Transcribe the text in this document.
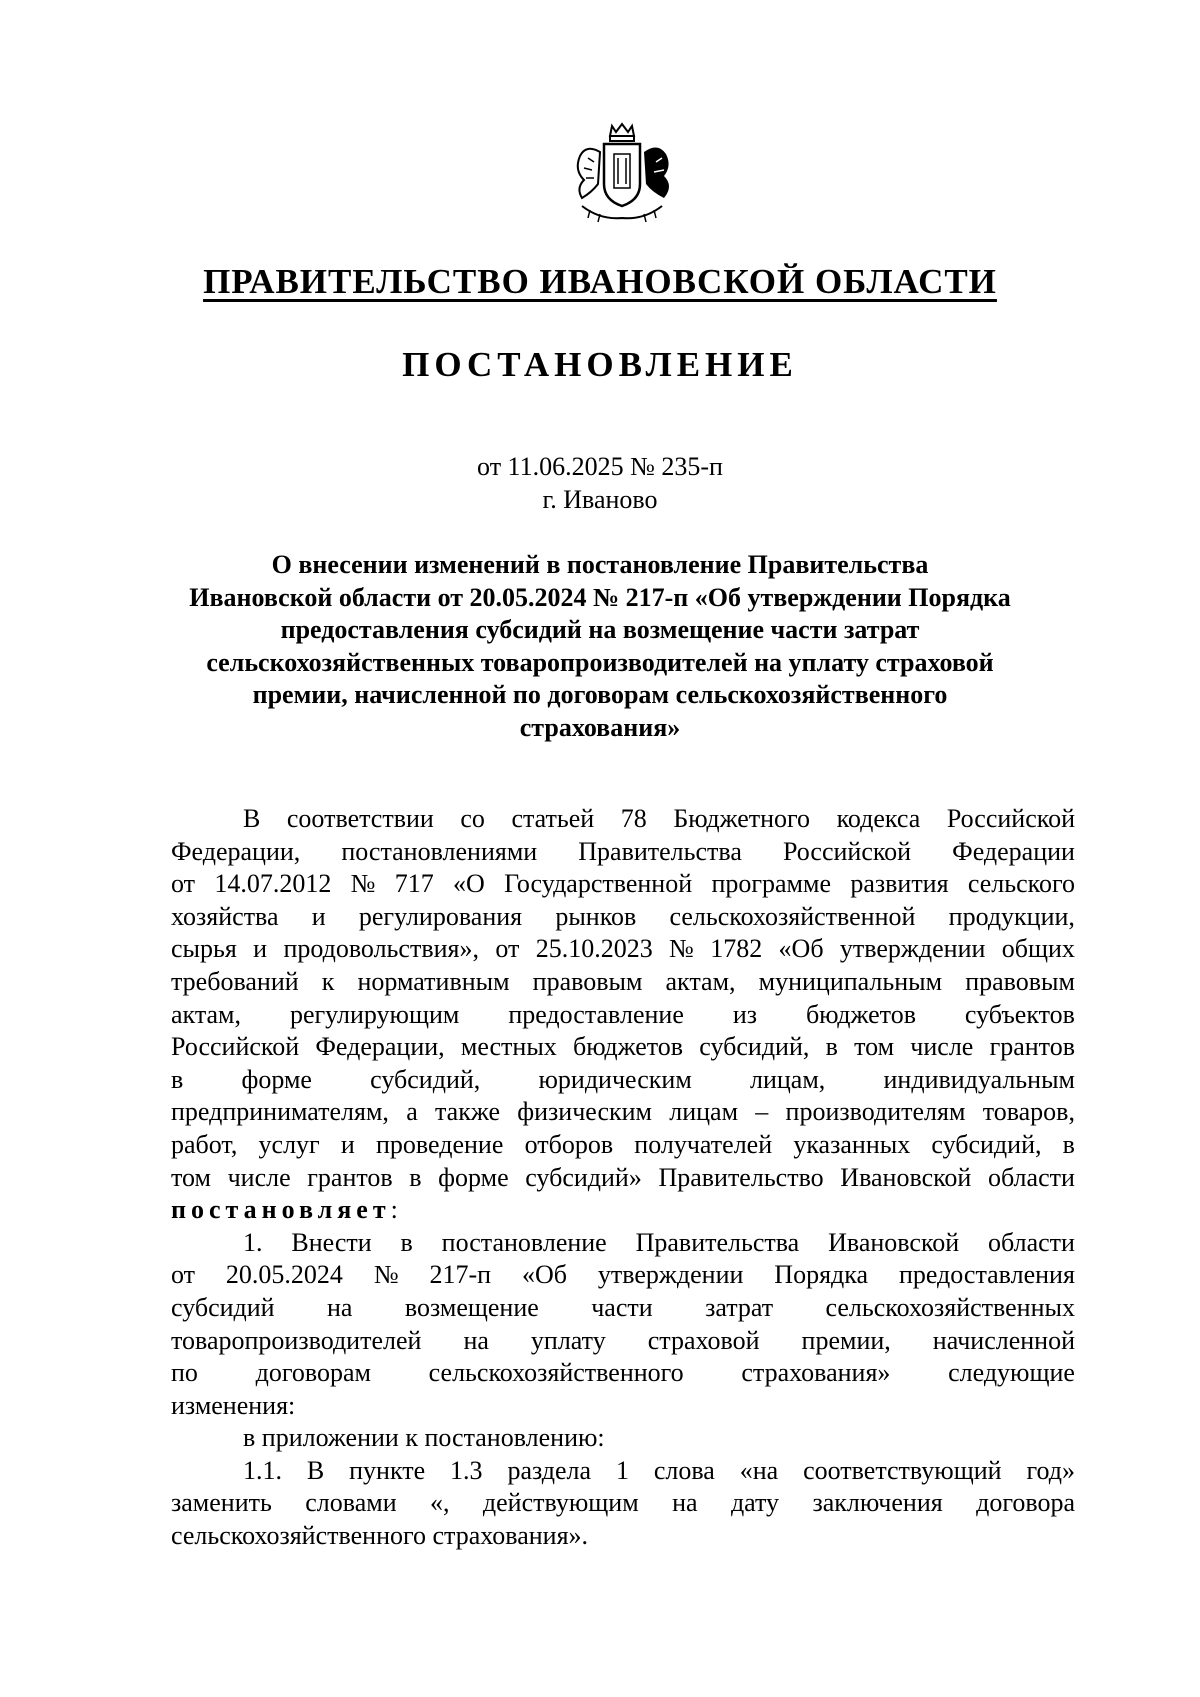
ПРАВИТЕЛЬСТВО ИВАНОВСКОЙ ОБЛАСТИ
ПОСТАНОВЛЕНИЕ
от 11.06.2025 № 235-п
г. Иваново
О внесении изменений в постановление Правительства
Ивановской области от 20.05.2024 № 217-п «Об утверждении Порядка
предоставления субсидий на возмещение части затрат
сельскохозяйственных товаропроизводителей на уплату страховой
премии, начисленной по договорам сельскохозяйственного
страхования»
В соответствии со статьей 78 Бюджетного кодекса Российской
Федерации, постановлениями Правительства Российской Федерации
от 14.07.2012 № 717 «О Государственной программе развития сельского
хозяйства и регулирования рынков сельскохозяйственной продукции,
сырья и продовольствия», от 25.10.2023 № 1782 «Об утверждении общих
требований к нормативным правовым актам, муниципальным правовым
актам, регулирующим предоставление из бюджетов субъектов
Российской Федерации, местных бюджетов субсидий, в том числе грантов
в форме субсидий, юридическим лицам, индивидуальным
предпринимателям, а также физическим лицам – производителям товаров,
работ, услуг и проведение отборов получателей указанных субсидий, в
том числе грантов в форме субсидий» Правительство Ивановской области
постановляет :
1. Внести в постановление Правительства Ивановской области
от 20.05.2024 № 217-п «Об утверждении Порядка предоставления
субсидий на возмещение части затрат сельскохозяйственных
товаропроизводителей на уплату страховой премии, начисленной
по договорам сельскохозяйственного страхования» следующие
изменения:
в приложении к постановлению:
1.1. В пункте 1.3 раздела 1 слова «на соответствующий год»
заменить словами «, действующим на дату заключения договора
сельскохозяйственного страхования».
